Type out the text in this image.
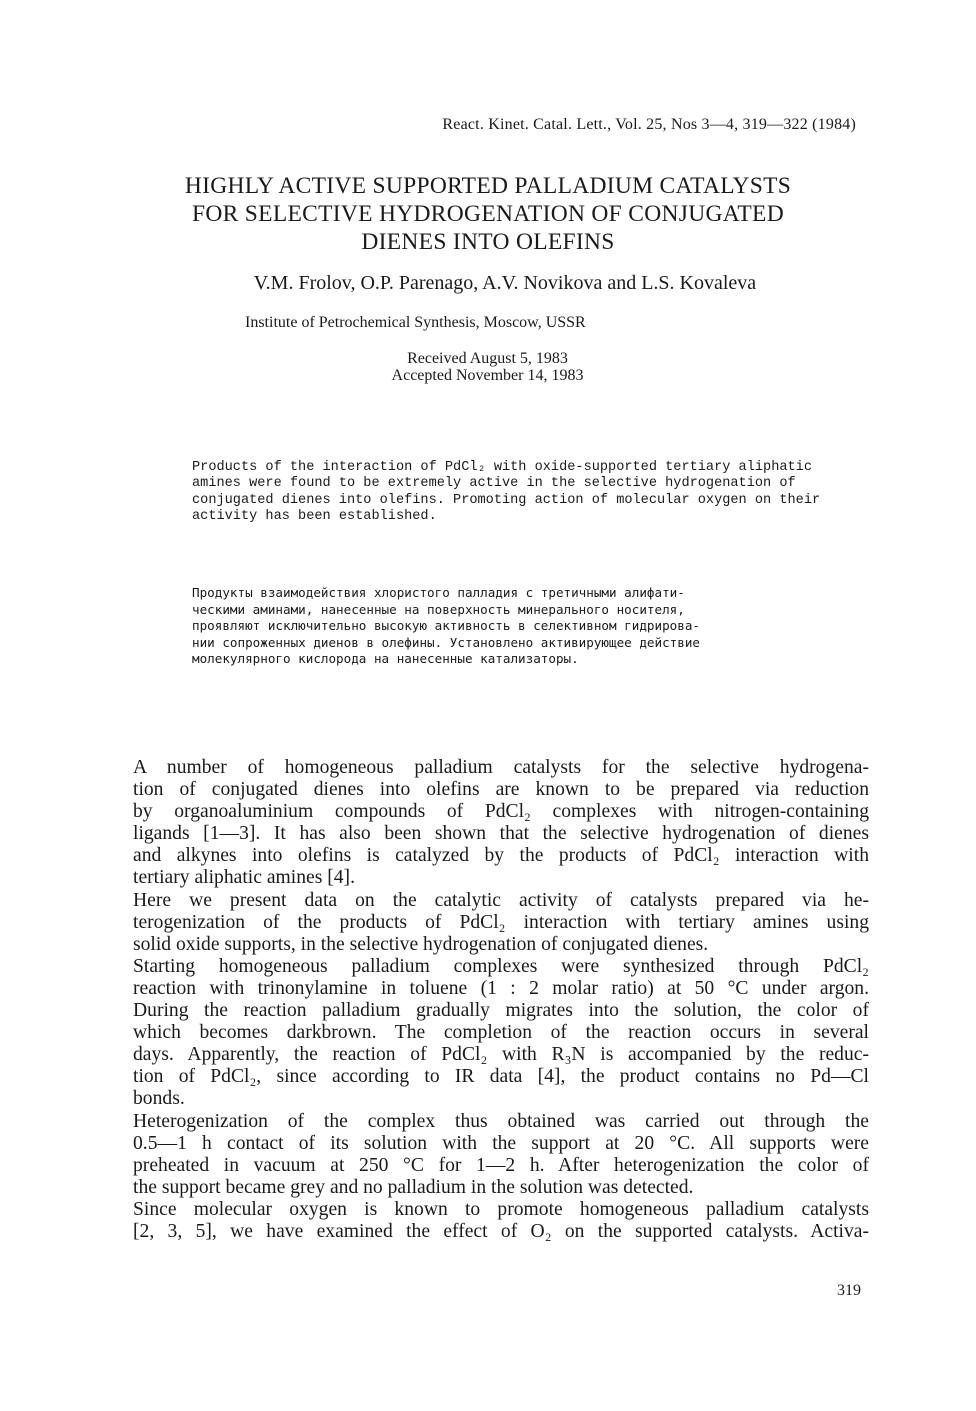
React. Kinet. Catal. Lett., Vol. 25, Nos 3—4, 319—322 (1984)
HIGHLY ACTIVE SUPPORTED PALLADIUM CATALYSTS
FOR SELECTIVE HYDROGENATION OF CONJUGATED
DIENES INTO OLEFINS
V.M. Frolov, O.P. Parenago, A.V. Novikova and L.S. Kovaleva
Institute of Petrochemical Synthesis, Moscow, USSR
Received August 5, 1983
Accepted November 14, 1983
Products of the interaction of PdCl₂ with oxide-supported tertiary aliphatic
amines were found to be extremely active in the selective hydrogenation of
conjugated dienes into olefins. Promoting action of molecular oxygen on their
activity has been established.
Продукты взаимодействия хлористого палладия с третичными алифати-
ческими аминами, нанесенные на поверхность минерального носителя,
проявляют исключительно высокую активность в селективном гидрирова-
нии сопроженных диенов в олефины. Установлено активирующее действие
молекулярного кислорода на нанесенные катализаторы.
A number of homogeneous palladium catalysts for the selective hydrogena-
tion of conjugated dienes into olefins are known to be prepared via reduction
by organoaluminium compounds of PdCl₂ complexes with nitrogen-containing
ligands [1—3]. It has also been shown that the selective hydrogenation of dienes
and alkynes into olefins is catalyzed by the products of PdCl₂ interaction with
tertiary aliphatic amines [4].
Here we present data on the catalytic activity of catalysts prepared via he-
terogenization of the products of PdCl₂ interaction with tertiary amines using
solid oxide supports, in the selective hydrogenation of conjugated dienes.
Starting homogeneous palladium complexes were synthesized through PdCl₂
reaction with trinonylamine in toluene (1 : 2 molar ratio) at 50 °C under argon.
During the reaction palladium gradually migrates into the solution, the color of
which becomes darkbrown. The completion of the reaction occurs in several
days. Apparently, the reaction of PdCl₂ with R₃N is accompanied by the reduc-
tion of PdCl₂, since according to IR data [4], the product contains no Pd—Cl
bonds.
Heterogenization of the complex thus obtained was carried out through the
0.5—1 h contact of its solution with the support at 20 °C. All supports were
preheated in vacuum at 250 °C for 1—2 h. After heterogenization the color of
the support became grey and no palladium in the solution was detected.
Since molecular oxygen is known to promote homogeneous palladium catalysts
[2, 3, 5], we have examined the effect of O₂ on the supported catalysts. Activa-
319
